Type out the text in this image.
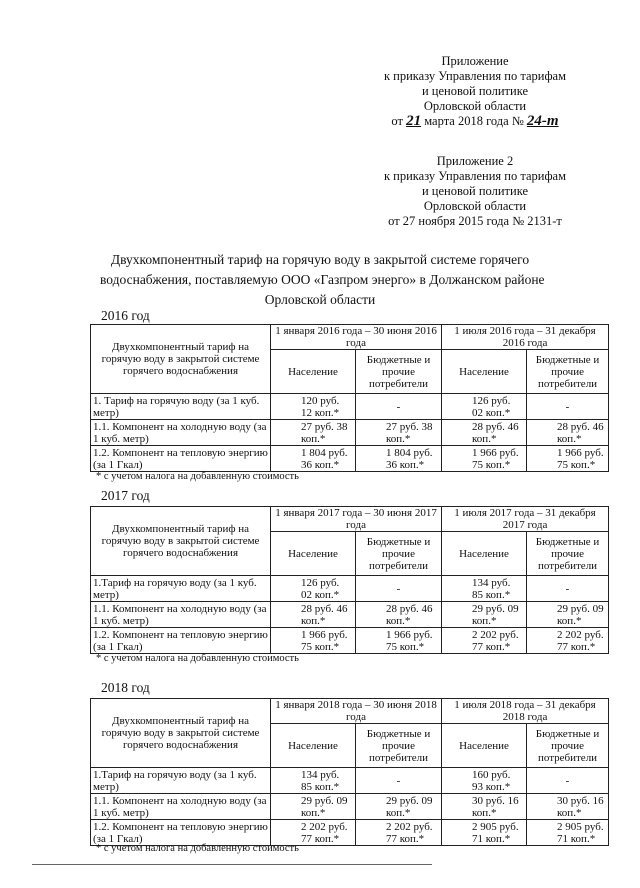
Приложение
к приказу Управления по тарифам
и ценовой политике
Орловской области
от 21 марта 2018 года № 24-т
Приложение 2
к приказу Управления по тарифам
и ценовой политике
Орловской области
от 27 ноября 2015 года № 2131-т
Двухкомпонентный тариф на горячую воду в закрытой системе горячего
водоснабжения, поставляемую ООО «Газпром энерго» в Должанском районе
Орловской области
2016 год
Двухкомпонентный тариф на горячую воду в закрытой системе горячего водоснабжения	1 января 2016 года – 30 июня 2016 года		1 июля 2016 года – 31 декабря 2016 года	
	Население	Бюджетные и прочие потребители	Население	Бюджетные и прочие потребители
1. Тариф на горячую воду (за 1 куб. метр)	120 руб. 12 коп.*	-	126 руб. 02 коп.*	-
1.1. Компонент на холодную воду (за 1 куб. метр)	27 руб. 38 коп.*	27 руб. 38 коп.*	28 руб. 46 коп.*	28 руб. 46 коп.*
1.2. Компонент на тепловую энергию (за 1 Гкал)	1 804 руб. 36 коп.*	1 804 руб. 36 коп.*	1 966 руб. 75 коп.*	1 966 руб. 75 коп.*
* с учетом налога на добавленную стоимость
2017 год
Двухкомпонентный тариф на горячую воду в закрытой системе горячего водоснабжения	1 января 2017 года – 30 июня 2017 года		1 июля 2017 года – 31 декабря 2017 года	
	Население	Бюджетные и прочие потребители	Население	Бюджетные и прочие потребители
1.Тариф на горячую воду (за 1 куб. метр)	126 руб. 02 коп.*	-	134 руб. 85 коп.*	-
1.1. Компонент на холодную воду (за 1 куб. метр)	28 руб. 46 коп.*	28 руб. 46 коп.*	29 руб. 09 коп.*	29 руб. 09 коп.*
1.2. Компонент на тепловую энергию (за 1 Гкал)	1 966 руб. 75 коп.*	1 966 руб. 75 коп.*	2 202 руб. 77 коп.*	2 202 руб. 77 коп.*
* с учетом налога на добавленную стоимость
2018 год
Двухкомпонентный тариф на горячую воду в закрытой системе горячего водоснабжения	1 января 2018 года – 30 июня 2018 года		1 июля 2018 года – 31 декабря 2018 года	
	Население	Бюджетные и прочие потребители	Население	Бюджетные и прочие потребители
1.Тариф на горячую воду (за 1 куб. метр)	134 руб. 85 коп.*	-	160 руб. 93 коп.*	-
1.1. Компонент на холодную воду (за 1 куб. метр)	29 руб. 09 коп.*	29 руб. 09 коп.*	30 руб. 16 коп.*	30 руб. 16 коп.*
1.2. Компонент на тепловую энергию (за 1 Гкал)	2 202 руб. 77 коп.*	2 202 руб. 77 коп.*	2 905 руб. 71 коп.*	2 905 руб. 71 коп.*
* с учетом налога на добавленную стоимость
